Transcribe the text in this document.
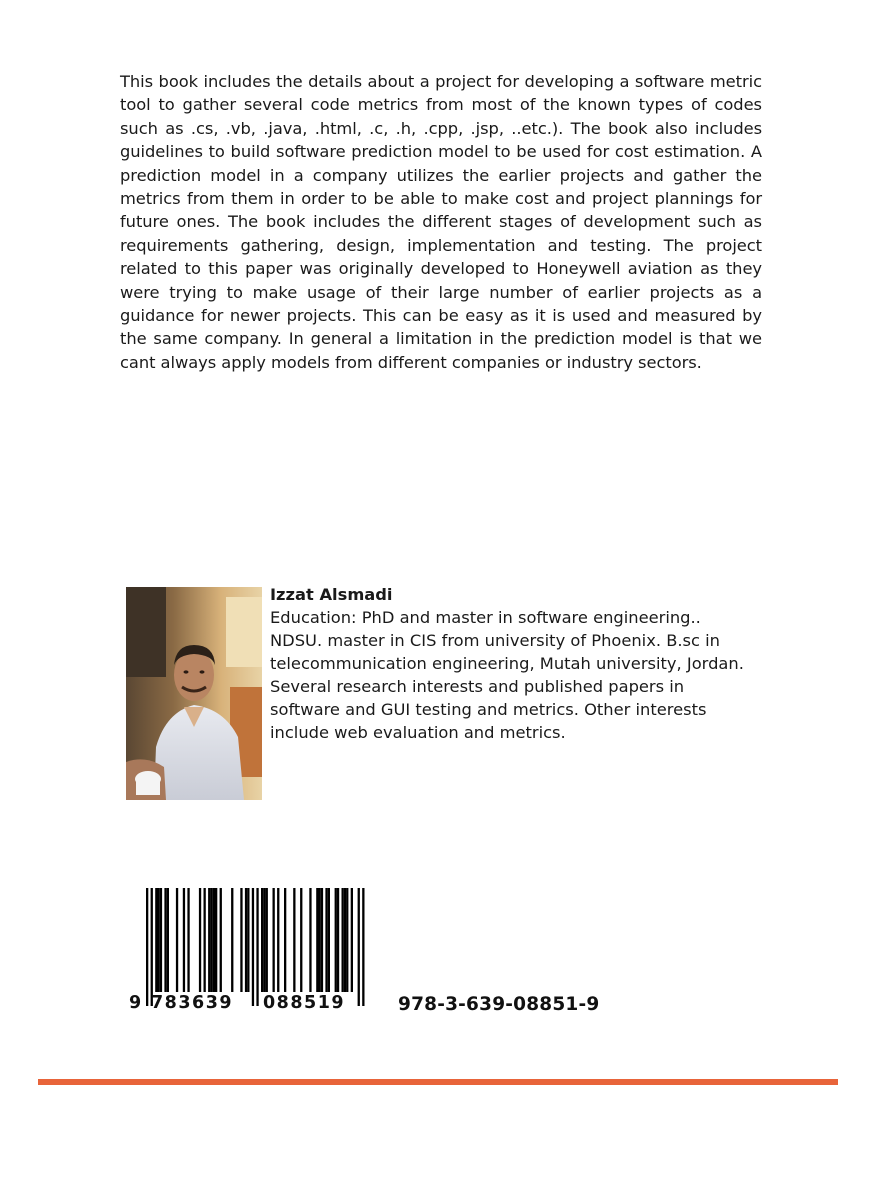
This book includes the details about a project for developing a software metric tool to gather several code metrics from most of the known types of codes such as .cs, .vb, .java, .html, .c, .h, .cpp, .jsp, ..etc.). The book also includes guidelines to build software prediction model to be used for cost estimation. A prediction model in a company utilizes the earlier projects and gather the metrics from them in order to be able to make cost and project plannings for future ones. The book includes the different stages of development such as requirements gathering, design, implementation and testing. The project related to this paper was originally developed to Honeywell aviation as they were trying to make usage of their large number of earlier projects as a guidance for newer projects. This can be easy as it is used and measured by the same company. In general a limitation in the prediction model is that we cant always apply models from different companies or industry sectors.

Izzat Alsmadi

Education: PhD and master in software engineering.. NDSU. master in CIS from university of Phoenix. B.sc in telecommunication engineering, Mutah university, Jordan. Several research interests and published papers in software and GUI testing and metrics. Other interests include web evaluation and metrics.

9 783639 088519	978-3-639-08851-9
